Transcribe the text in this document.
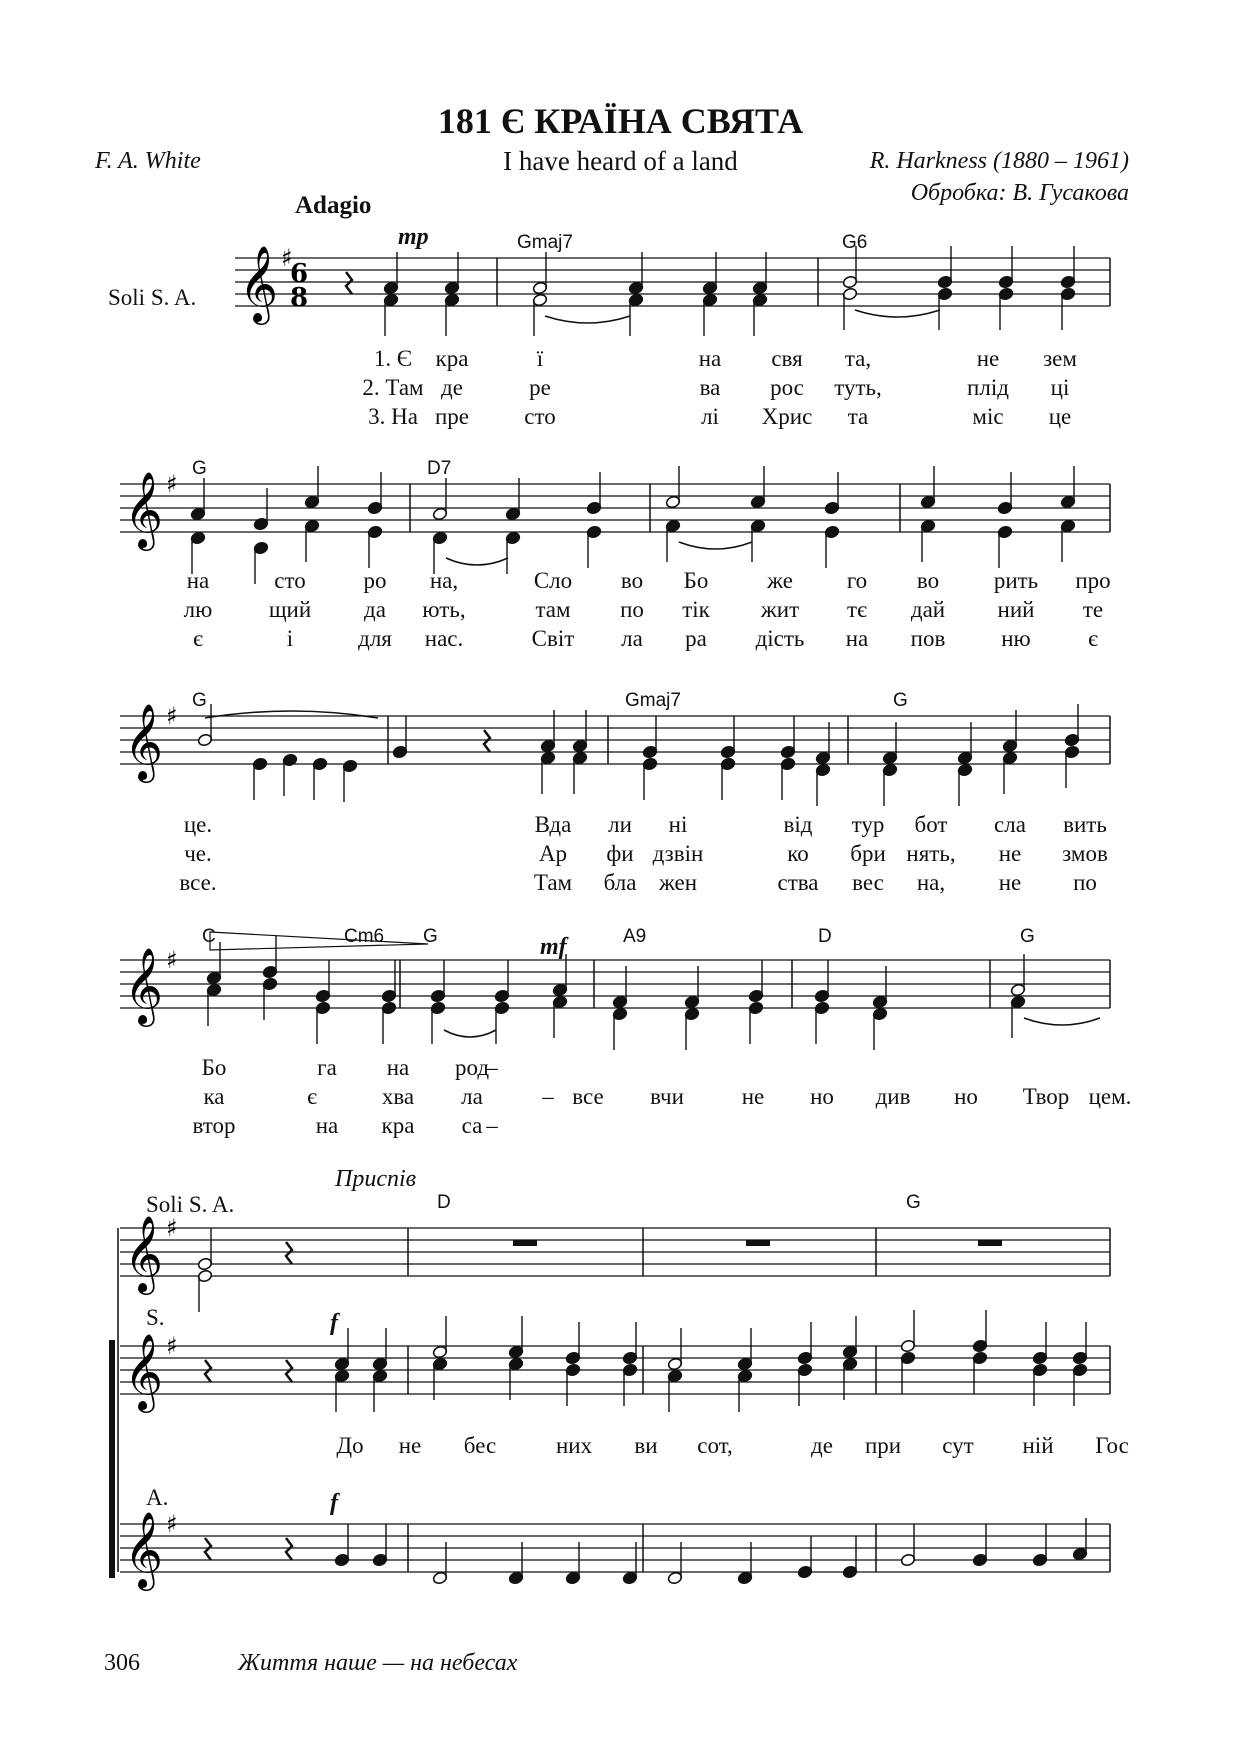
181 Є КРАЇНА СВЯТА
I have heard of a land
F. A. White	R. Harkness (1880 – 1961)
Обробка: В. Гусакова
Adagio
Soli S. A.
Soli S. A.
S.
A.
Приспів
mp
mf
f
f
Gmaj7	G6
G	D7
G	Gmaj7	G
C	Cm6 G	A9	D	G
D	G
1. Є кра	ї	на свя та,	не зем
2. Там де	ре	ва рос туть,	плід ці
3. На пре сто	лі Хрис та	міс це
на	сто	ро на,	Сло во Бо	же го во рить про
лю щий да ють,	там по тік жит тє дай ний те
є	і	для нас.	Світ ла ра дість на пов ню є
це.	Вда ли ні	від тур бот сла вить
че.	Ар фи дзвін	ко бри нять, не змов
все.	Там бла жен	ства вес на, не по
Бо	га на род
–
ка	є	хва ла	– все вчи	не но див но Твор цем.
втор	на кра са –
До не бес	них ви сот,	де при сут ній Гос
𝄞 ♯
6
8
𝄞 ♯
𝄞 ♯
𝄞 ♯
𝄞 ♯
𝄞 ♯
𝄞 ♯
306	Життя наше — на небесах
